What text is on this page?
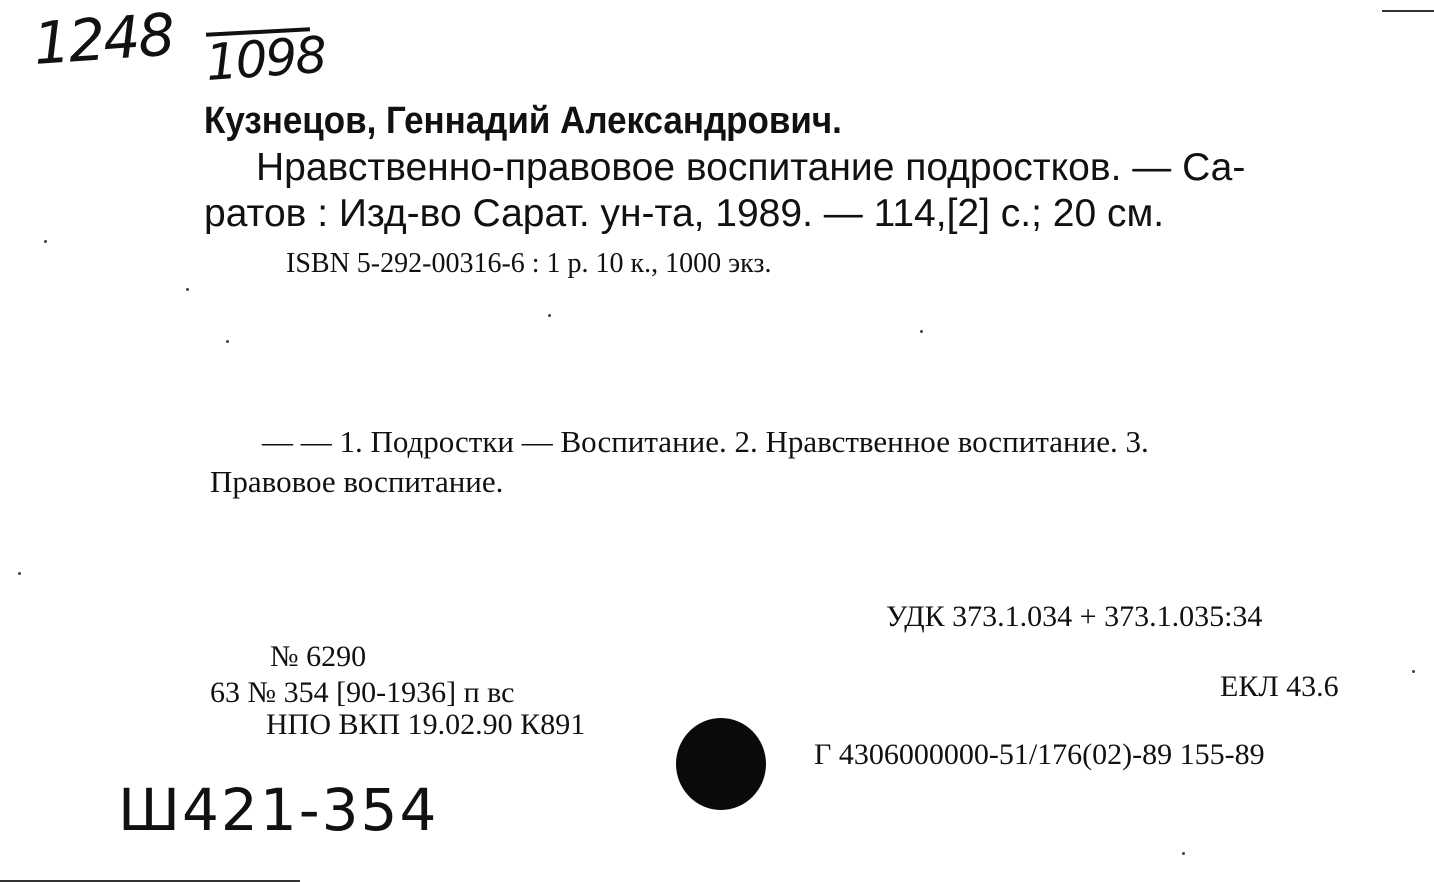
1248 1098
Кузнецов, Геннадий Александрович.
Нравственно-правовое воспитание подростков. — Са-
ратов : Изд-во Сарат. ун-та, 1989. — 114,[2] с.; 20 см.
ISBN 5-292-00316-6 : 1 р. 10 к., 1000 экз.
— — 1. Подростки — Воспитание. 2. Нравственное воспитание. 3.
Правовое воспитание.
УДК 373.1.034 + 373.1.035:34
ЕКЛ 43.6
Г 4306000000-51/176(02)-89 155-89
№ 6290
63 № 354 [90-1936] п вс
НПО ВКП 19.02.90 К891
Ш421-354
